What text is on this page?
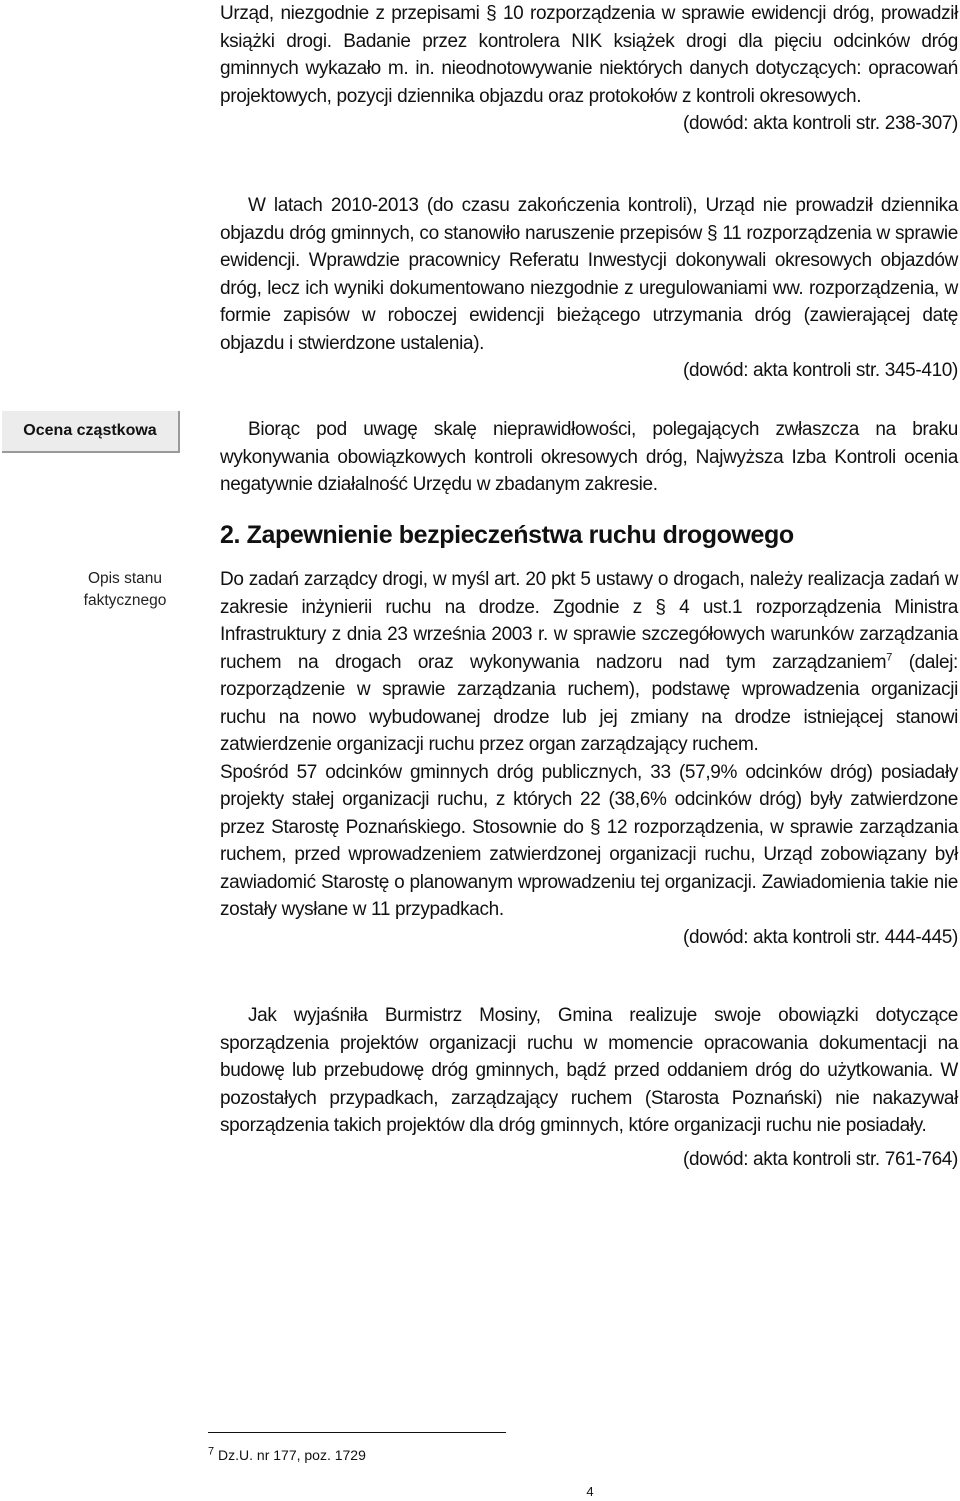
Ocena cząstkowa
Opis stanu faktycznego

Urząd, niezgodnie z przepisami § 10 rozporządzenia w sprawie ewidencji dróg, prowadził książki drogi. Badanie przez kontrolera NIK książek drogi dla pięciu odcinków dróg gminnych wykazało m. in. nieodnotowywanie niektórych danych dotyczących: opracowań projektowych, pozycji dziennika objazdu oraz protokołów z kontroli okresowych.

(dowód: akta kontroli str. 238-307)

W latach 2010-2013 (do czasu zakończenia kontroli), Urząd nie prowadził dziennika objazdu dróg gminnych, co stanowiło naruszenie przepisów § 11 rozporządzenia w sprawie ewidencji. Wprawdzie pracownicy Referatu Inwestycji dokonywali okresowych objazdów dróg, lecz ich wyniki dokumentowano niezgodnie z uregulowaniami ww. rozporządzenia, w formie zapisów w roboczej ewidencji bieżącego utrzymania dróg (zawierającej datę objazdu i stwierdzone ustalenia).

(dowód: akta kontroli str. 345-410)

Biorąc pod uwagę skalę nieprawidłowości, polegających zwłaszcza na braku wykonywania obowiązkowych kontroli okresowych dróg, Najwyższa Izba Kontroli ocenia negatywnie działalność Urzędu w zbadanym zakresie.

2. Zapewnienie bezpieczeństwa ruchu drogowego

Do zadań zarządcy drogi, w myśl art. 20 pkt 5 ustawy o drogach, należy realizacja zadań w zakresie inżynierii ruchu na drodze. Zgodnie z § 4 ust.1 rozporządzenia Ministra Infrastruktury z dnia 23 września 2003 r. w sprawie szczegółowych warunków zarządzania ruchem na drogach oraz wykonywania nadzoru nad tym zarządzaniem$^7$ (dalej: rozporządzenie w sprawie zarządzania ruchem), podstawę wprowadzenia organizacji ruchu na nowo wybudowanej drodze lub jej zmiany na drodze istniejącej stanowi zatwierdzenie organizacji ruchu przez organ zarządzający ruchem.

Spośród 57 odcinków gminnych dróg publicznych, 33 (57,9% odcinków dróg) posiadały projekty stałej organizacji ruchu, z których 22 (38,6% odcinków dróg) były zatwierdzone przez Starostę Poznańskiego. Stosownie do § 12 rozporządzenia, w sprawie zarządzania ruchem, przed wprowadzeniem zatwierdzonej organizacji ruchu, Urząd zobowiązany był zawiadomić Starostę o planowanym wprowadzeniu tej organizacji. Zawiadomienia takie nie zostały wysłane w 11 przypadkach.

(dowód: akta kontroli str. 444-445)

Jak wyjaśniła Burmistrz Mosiny, Gmina realizuje swoje obowiązki dotyczące sporządzenia projektów organizacji ruchu w momencie opracowania dokumentacji na budowę lub przebudowę dróg gminnych, bądź przed oddaniem dróg do użytkowania. W pozostałych przypadkach, zarządzający ruchem (Starosta Poznański) nie nakazywał sporządzenia takich projektów dla dróg gminnych, które organizacji ruchu nie posiadały.

(dowód: akta kontroli str. 761-764)

$^7$ Dz.U. nr 177, poz. 1729
4
